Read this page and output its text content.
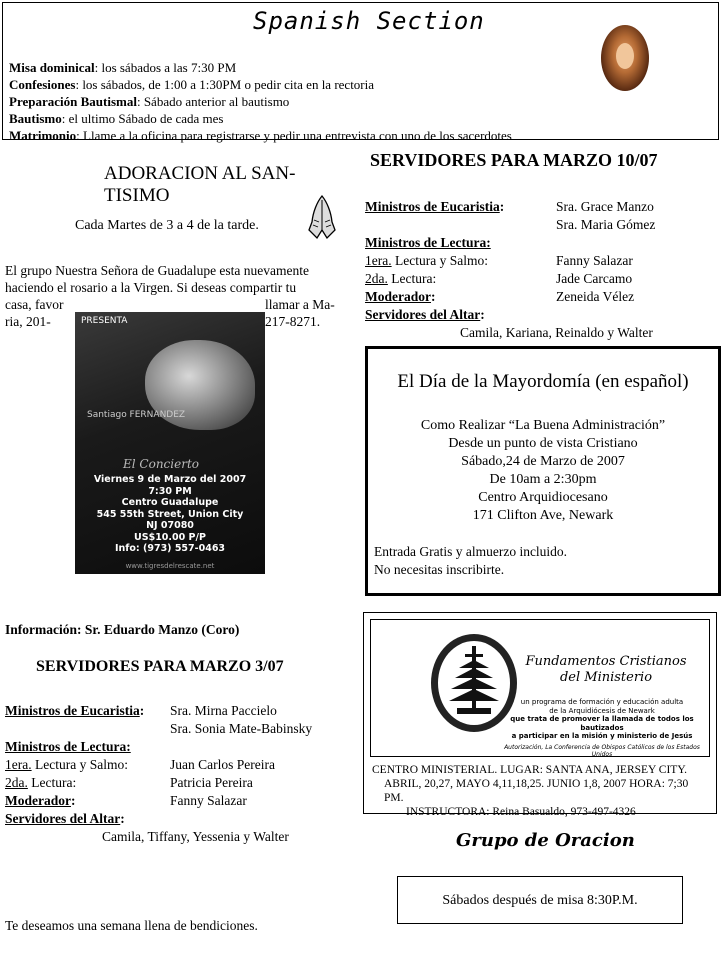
Spanish Section
Misa dominical: los sábados a las 7:30 PM
Confesiones: los sábados, de 1:00 a 1:30PM o pedir cita en la rectoria
Preparación Bautismal: Sábado anterior al bautismo
Bautismo: el ultimo Sábado de cada mes
Matrimonio: Llame a la oficina para registrarse y pedir una entrevista con uno de los sacerdotes
ADORACION AL SAN-TISIMO
Cada Martes de 3 a 4 de la tarde.
El grupo Nuestra Señora de Guadalupe esta nuevamente haciendo el rosario a la Virgen. Si deseas compartir tu
casa, favor
ria, 201-
llamar a Ma-
217-8271.
PRESENTA
Santiago FERNANDEZ
El Concierto
Viernes 9 de Marzo del 2007
7:30 PM
Centro Guadalupe
545 55th Street, Union City
NJ 07080
US$10.00 P/P
Info: (973) 557-0463
www.tigresdelrescate.net
SERVIDORES PARA MARZO 10/07
Ministros de Eucaristia:	Sra. Grace Manzo
Sra. Maria Gómez
Ministros de Lectura:
1era. Lectura y Salmo:	Fanny Salazar
2da. Lectura:	Jade Carcamo
Moderador:	Zeneida Vélez
Servidores del Altar:
Camila, Kariana, Reinaldo y Walter
El Día de la Mayordomía (en español)
Como Realizar “La Buena Administración”
Desde un punto de vista Cristiano
Sábado,24 de Marzo de 2007
De 10am a 2:30pm
Centro Arquidiocesano
171 Clifton Ave, Newark
Entrada Gratis y almuerzo incluido.
No necesitas inscribirte.
Información: Sr. Eduardo Manzo (Coro)
SERVIDORES PARA MARZO 3/07
Ministros de Eucaristia:	Sra. Mirna Paccielo
Sra. Sonia Mate-Babinsky
Ministros de Lectura:
1era. Lectura y Salmo:	Juan Carlos Pereira
2da. Lectura:	Patricia Pereira
Moderador:	Fanny Salazar
Servidores del Altar:
Camila, Tiffany, Yessenia y Walter
Fundamentos Cristianos
del Ministerio
un programa de formación y educación adulta
de la Arquidiócesis de Newark
que trata de promover la llamada de todos los bautizados
a participar en la misión y ministerio de Jesús
Autorización, La Conferencia de Obispos Católicos de los Estados Unidos
CENTRO MINISTERIAL. LUGAR: SANTA ANA, JERSEY CITY.
ABRIL, 20,27, MAYO 4,11,18,25. JUNIO 1,8, 2007 HORA: 7;30 PM.
INSTRUCTORA: Reina Basualdo, 973-497-4326
Grupo de Oracion
Sábados después de misa 8:30P.M.
Te deseamos una semana llena de bendiciones.
